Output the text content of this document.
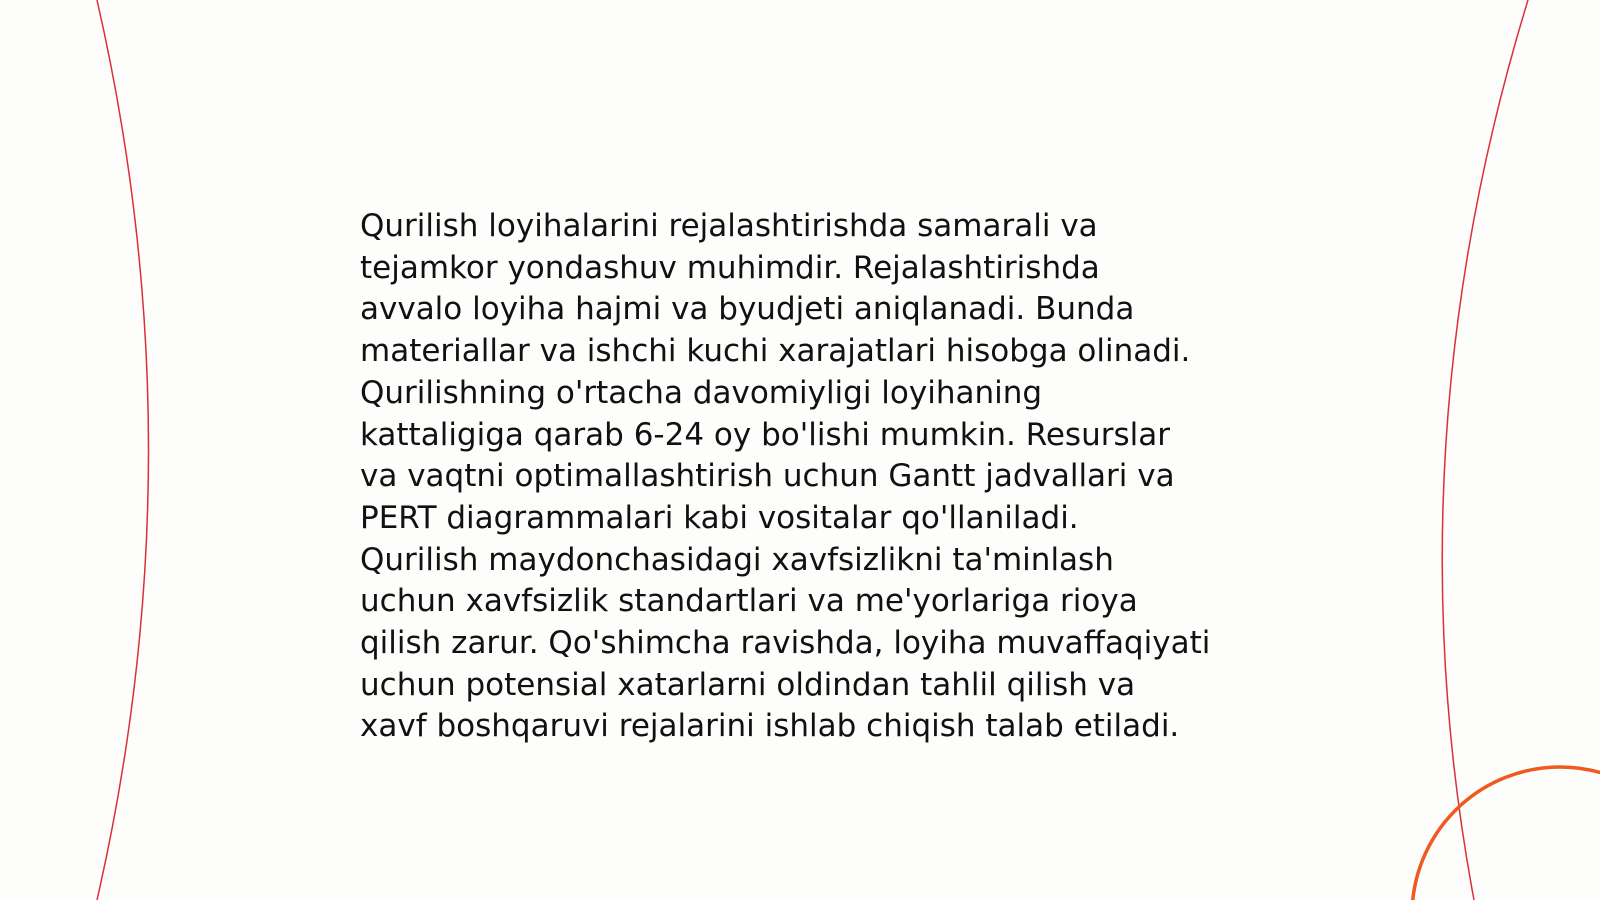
Qurilish loyihalarini rejalashtirishda samarali va
tejamkor yondashuv muhimdir. Rejalashtirishda
avvalo loyiha hajmi va byudjeti aniqlanadi. Bunda
materiallar va ishchi kuchi xarajatlari hisobga olinadi.
Qurilishning o'rtacha davomiyligi loyihaning
kattaligiga qarab 6-24 oy bo'lishi mumkin. Resurslar
va vaqtni optimallashtirish uchun Gantt jadvallari va
PERT diagrammalari kabi vositalar qo'llaniladi.
Qurilish maydonchasidagi xavfsizlikni ta'minlash
uchun xavfsizlik standartlari va me'yorlariga rioya
qilish zarur. Qo'shimcha ravishda, loyiha muvaffaqiyati
uchun potensial xatarlarni oldindan tahlil qilish va
xavf boshqaruvi rejalarini ishlab chiqish talab etiladi.
